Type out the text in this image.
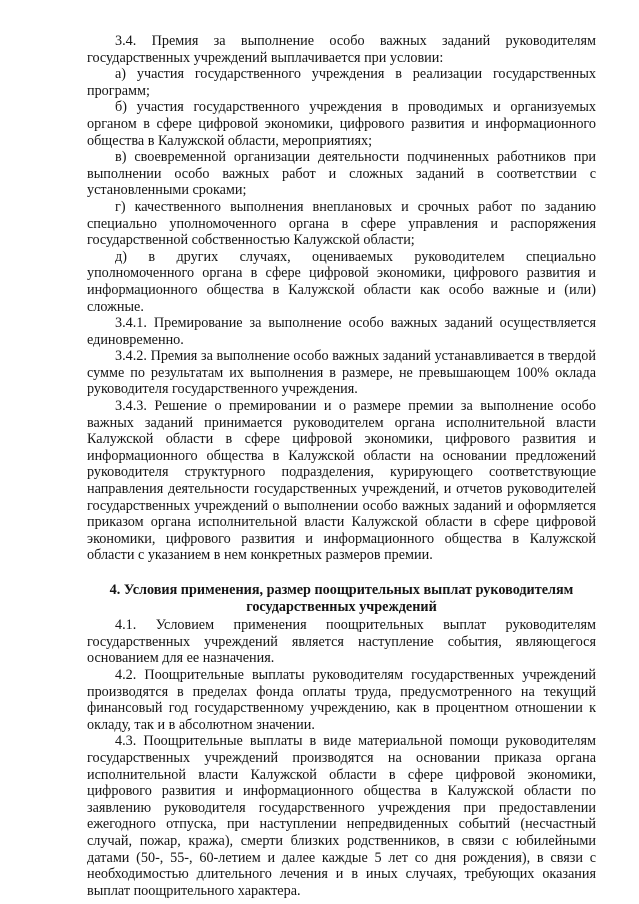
3.4. Премия за выполнение особо важных заданий руководителям государственных учреждений выплачивается при условии:

а) участия государственного учреждения в реализации государственных программ;

б) участия государственного учреждения в проводимых и организуемых органом в сфере цифровой экономики, цифрового развития и информационного общества в Калужской области, мероприятиях;

в) своевременной организации деятельности подчиненных работников при выполнении особо важных работ и сложных заданий в соответствии с установленными сроками;

г) качественного выполнения внеплановых и срочных работ по заданию специально уполномоченного органа в сфере управления и распоряжения государственной собственностью Калужской области;

д) в других случаях, оцениваемых руководителем специально уполномоченного органа в сфере цифровой экономики, цифрового развития и информационного общества в Калужской области как особо важные и (или) сложные.

3.4.1. Премирование за выполнение особо важных заданий осуществляется единовременно.

3.4.2. Премия за выполнение особо важных заданий устанавливается в твердой сумме по результатам их выполнения в размере, не превышающем 100% оклада руководителя государственного учреждения.

3.4.3. Решение о премировании и о размере премии за выполнение особо важных заданий принимается руководителем органа исполнительной власти Калужской области в сфере цифровой экономики, цифрового развития и информационного общества в Калужской области на основании предложений руководителя структурного подразделения, курирующего соответствующие направления деятельности государственных учреждений, и отчетов руководителей государственных учреждений о выполнении особо важных заданий и оформляется приказом органа исполнительной власти Калужской области в сфере цифровой экономики, цифрового развития и информационного общества в Калужской области с указанием в нем конкретных размеров премии.

4. Условия применения, размер поощрительных выплат руководителям государственных учреждений

4.1. Условием применения поощрительных выплат руководителям государственных учреждений является наступление события, являющегося основанием для ее назначения.

4.2. Поощрительные выплаты руководителям государственных учреждений производятся в пределах фонда оплаты труда, предусмотренного на текущий финансовый год государственному учреждению, как в процентном отношении к окладу, так и в абсолютном значении.

4.3. Поощрительные выплаты в виде материальной помощи руководителям государственных учреждений производятся на основании приказа органа исполнительной власти Калужской области в сфере цифровой экономики, цифрового развития и информационного общества в Калужской области по заявлению руководителя государственного учреждения при предоставлении ежегодного отпуска, при наступлении непредвиденных событий (несчастный случай, пожар, кража), смерти близких родственников, в связи с юбилейными датами (50-, 55-, 60-летием и далее каждые 5 лет со дня рождения), в связи с необходимостью длительного лечения и в иных случаях, требующих оказания выплат поощрительного характера.
